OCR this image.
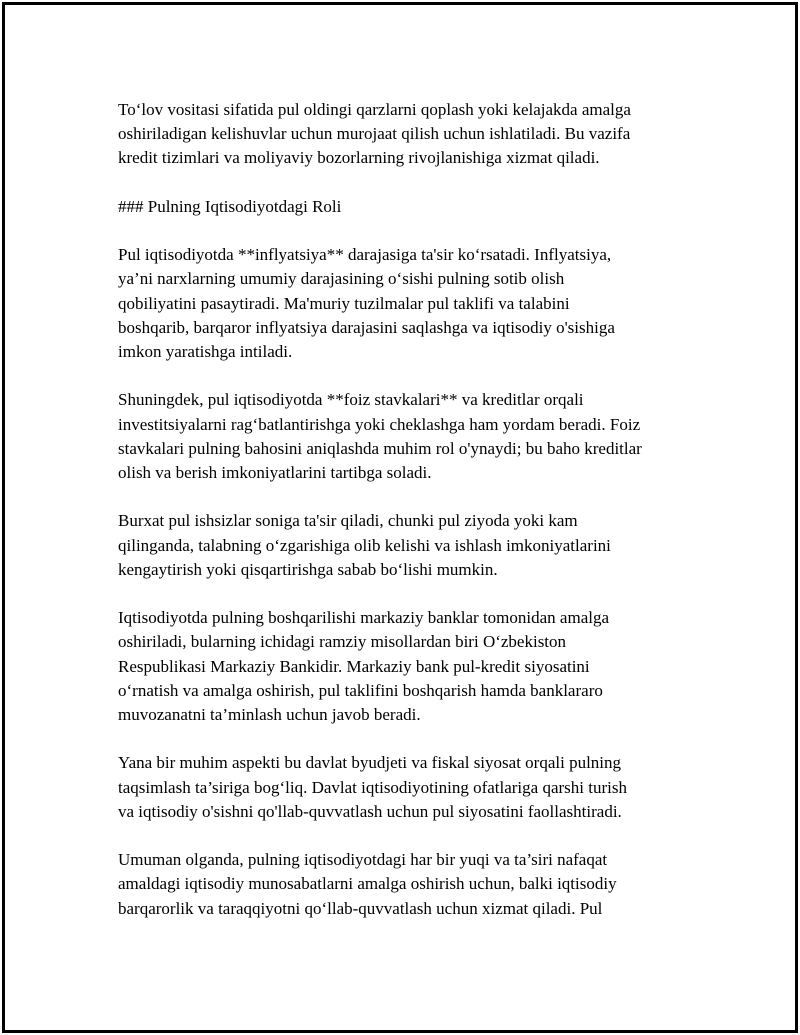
To‘lov vositasi sifatida pul oldingi qarzlarni qoplash yoki kelajakda amalga
oshiriladigan kelishuvlar uchun murojaat qilish uchun ishlatiladi. Bu vazifa
kredit tizimlari va moliyaviy bozorlarning rivojlanishiga xizmat qiladi.

### Pulning Iqtisodiyotdagi Roli

Pul iqtisodiyotda **inflyatsiya** darajasiga ta'sir ko‘rsatadi. Inflyatsiya,
ya’ni narxlarning umumiy darajasining o‘sishi pulning sotib olish
qobiliyatini pasaytiradi. Ma'muriy tuzilmalar pul taklifi va talabini
boshqarib, barqaror inflyatsiya darajasini saqlashga va iqtisodiy o'sishiga
imkon yaratishga intiladi.

Shuningdek, pul iqtisodiyotda **foiz stavkalari** va kreditlar orqali
investitsiyalarni rag‘batlantirishga yoki cheklashga ham yordam beradi. Foiz
stavkalari pulning bahosini aniqlashda muhim rol o'ynaydi; bu baho kreditlar
olish va berish imkoniyatlarini tartibga soladi.

Burxat pul ishsizlar soniga ta'sir qiladi, chunki pul ziyoda yoki kam
qilinganda, talabning o‘zgarishiga olib kelishi va ishlash imkoniyatlarini
kengaytirish yoki qisqartirishga sabab bo‘lishi mumkin.

Iqtisodiyotda pulning boshqarilishi markaziy banklar tomonidan amalga
oshiriladi, bularning ichidagi ramziy misollardan biri O‘zbekiston
Respublikasi Markaziy Bankidir. Markaziy bank pul-kredit siyosatini
o‘rnatish va amalga oshirish, pul taklifini boshqarish hamda banklararo
muvozanatni ta’minlash uchun javob beradi.

Yana bir muhim aspekti bu davlat byudjeti va fiskal siyosat orqali pulning
taqsimlash ta’siriga bog‘liq. Davlat iqtisodiyotining ofatlariga qarshi turish
va iqtisodiy o'sishni qo'llab-quvvatlash uchun pul siyosatini faollashtiradi.

Umuman olganda, pulning iqtisodiyotdagi har bir yuqi va ta’siri nafaqat
amaldagi iqtisodiy munosabatlarni amalga oshirish uchun, balki iqtisodiy
barqarorlik va taraqqiyotni qo‘llab-quvvatlash uchun xizmat qiladi. Pul
